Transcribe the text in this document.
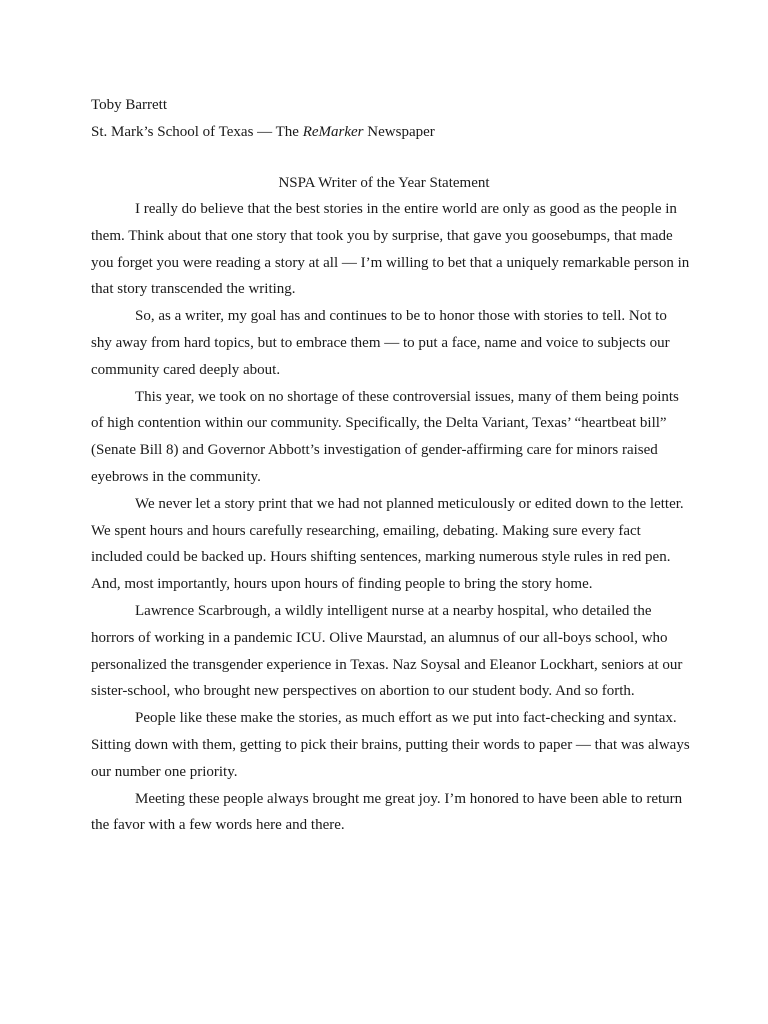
Toby Barrett
St. Mark’s School of Texas — The ReMarker Newspaper
NSPA Writer of the Year Statement

I really do believe that the best stories in the entire world are only as good as the people in them. Think about that one story that took you by surprise, that gave you goosebumps, that made you forget you were reading a story at all — I’m willing to bet that a uniquely remarkable person in that story transcended the writing.

So, as a writer, my goal has and continues to be to honor those with stories to tell. Not to shy away from hard topics, but to embrace them — to put a face, name and voice to subjects our community cared deeply about.

This year, we took on no shortage of these controversial issues, many of them being points of high contention within our community. Specifically, the Delta Variant, Texas’ “heartbeat bill” (Senate Bill 8) and Governor Abbott’s investigation of gender-affirming care for minors raised eyebrows in the community.

We never let a story print that we had not planned meticulously or edited down to the letter. We spent hours and hours carefully researching, emailing, debating. Making sure every fact included could be backed up. Hours shifting sentences, marking numerous style rules in red pen. And, most importantly, hours upon hours of finding people to bring the story home.

Lawrence Scarbrough, a wildly intelligent nurse at a nearby hospital, who detailed the horrors of working in a pandemic ICU. Olive Maurstad, an alumnus of our all-boys school, who personalized the transgender experience in Texas. Naz Soysal and Eleanor Lockhart, seniors at our sister-school, who brought new perspectives on abortion to our student body. And so forth.

People like these make the stories, as much effort as we put into fact-checking and syntax. Sitting down with them, getting to pick their brains, putting their words to paper — that was always our number one priority.

Meeting these people always brought me great joy. I’m honored to have been able to return the favor with a few words here and there.
